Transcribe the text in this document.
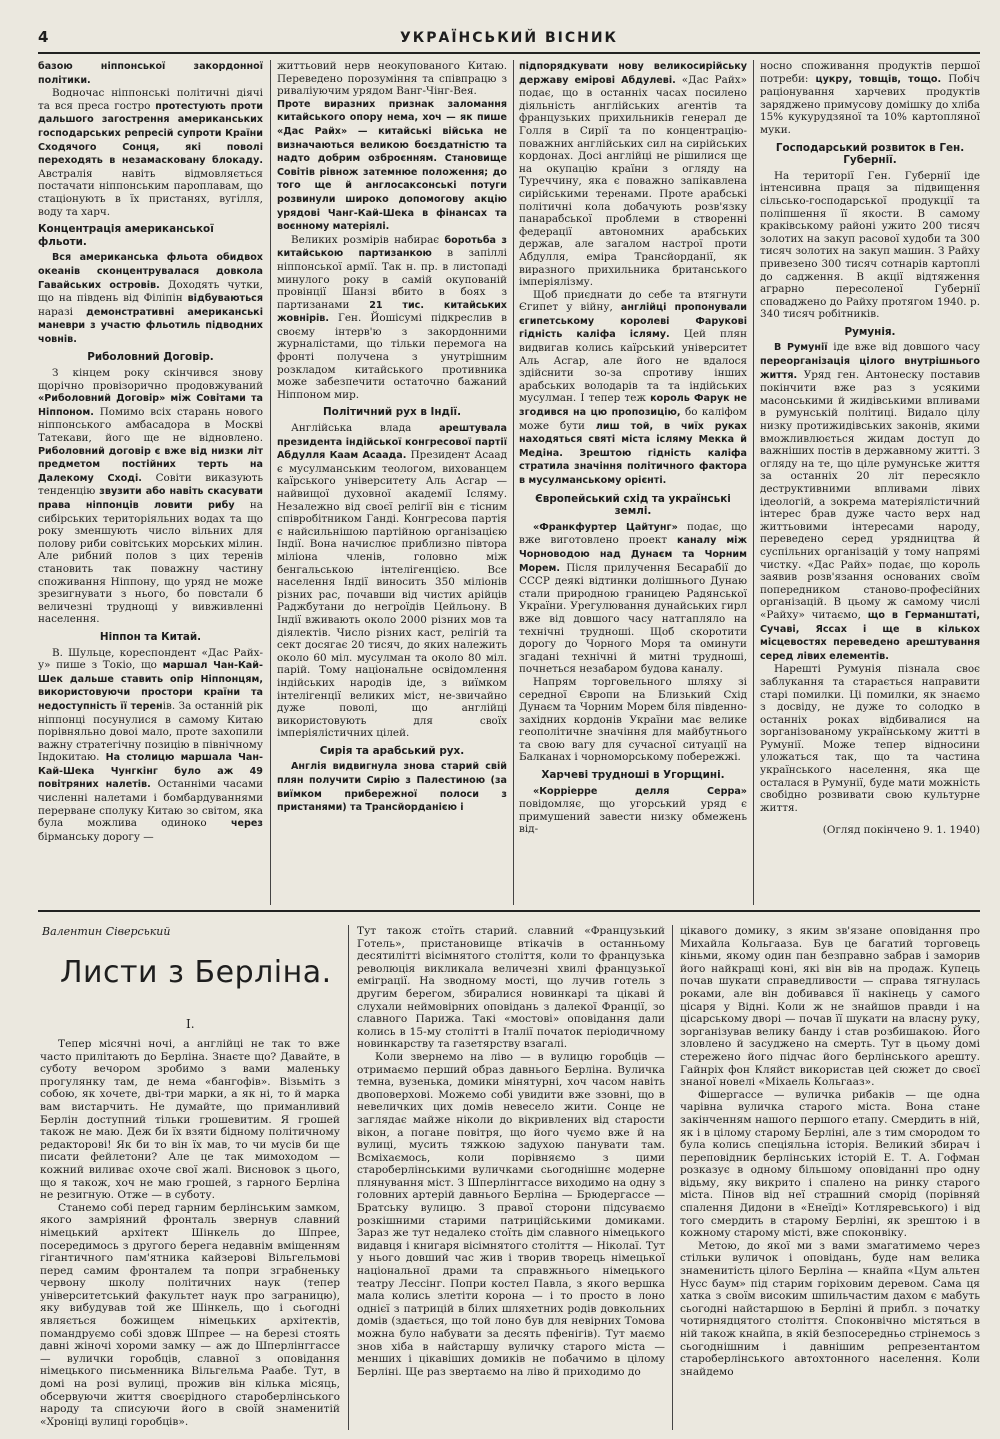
4	УКРАЇНСЬКИЙ ВІСНИК

базою ніппонської закордонної політики.

Водночас ніппонські політичні діячі та вся преса гостро протестують проти дальшого загострення американських господарських репресій супроти Країни Сходячого Сонця, які поволі переходять в незамасковану блокаду. Австралія навіть відмовляється постачати ніппонським пароплавам, що стаціонують в їх пристанях, вугілля, воду та харч.

Концентрація американської фльоти.

Вся американська фльота обидвох океанів сконцентрувалася довкола Гавайських островів. Доходять чутки, що на південь від Філіпін відбуваються наразі демонстративні американські маневри з участю фльотиль підводних човнів.

Риболовний Договір.

З кінцем року скінчився знову щорічно провізорично продовжуваний «Риболовний Договір» між Совітами та Ніппоном. Помимо всіх старань нового ніппонського амбасадора в Москві Татекави, його ще не відновлено. Риболовний договір є вже від низки літ предметом постійних терть на Далекому Сході. Совіти виказують тенденцію звузити або навіть скасувати права ніппонців ловити рибу на сибірських територіяльних водах та що року зменшують число вільних для полову риби совітських морських мілин. Але рибний полов з цих теренів становить так поважну частину споживання Ніппону, що уряд не може зрезигнувати з нього, бо повстали б величезні труднощі у вивживленні населення.

Ніппон та Китай.

В. Шульце, кореспондент «Дас Райх-у» пише з Токіо, що маршал Чан-Кай-Шек дальше ставить опір Ніппонцям, використовуючи простори країни та недоступність її теренів. За останній рік ніппонці посунулися в самому Китаю порівняльно довоі мало, проте захопили важну стратегічну позицію в північному Індокитаю. На столицю маршала Чан-Кай-Шека Чунгкінг було аж 49 повітряних налетів. Останніми часами численні налетами і бомбардуваннями перерване сполуку Китаю зо світом, яка була можлива одиноко через бірманську дорогу —

життьовий нерв неокупованого Китаю. Переведено порозуміння та співпрацю з риваліуючим урядом Ванг-Чінг-Вея.

Проте виразних признак заломання китайського опору нема, хоч — як пише «Дас Райх» — китайські війська не визначаються великою боєздатністю та надто добрим озброєнням. Становище Совітів рівнож затемнюе положення; до того ще й англосаксонські потуги розвинули широко допомогову акцію урядові Чанг-Кай-Шека в фінансах та воєнному матеріялі.

Великих розмірів набирає боротьба з китайською партизанкою в запіллі ніппонської армії. Так н. пр. в листопаді минулого року в самій окупованій провінції Шанзі вбито в боях з партизанами 21 тис. китайських жовнірів. Ген. Йошісумі підкреслив в своєму інтерв'ю з закордонними журналістами, що тільки перемога на фронті получена з унутрішним розкладом китайського противника може забезпечити остаточно бажаний Ніппоном мир.

Політичний рух в Індії.

Англійська влада арештувала президента індійської конгресової партії Абдулля Каам Асаада. Президент Асаад є мусулманським теологом, вихованцем каїрського університету Аль Асгар — найвищої духовної академії Ісляму. Незалежно від своєї релігії він є тісним співробітником Ганді. Конгресова партія є найсильнішою партійною організацією Індії. Вона начислює приблизно півтора міліона членів, головно між бенгальською інтелігенцією. Все населення Індії виносить 350 міліонів різних рас, почавши від чистих арійців Раджбутани до негроїдів Цейльону. В Індії вживають около 2000 різних мов та діялектів. Число різних каст, релігій та сект досягає 20 тисяч, до яких належить около 60 міл. мусулман та около 80 міл. парій. Тому національне освідомлення індійських народів іде, з виїмком інтелігенції великих міст, не-звичайно дуже поволі, що англійці використовують для своїх імперіялістичних цілей.

Сирія та арабський рух.

Англія видвигнула знова старий свій плян получити Сирію з Палестиною (за виїмком прибережної полоси з пристанями) та Трансйорданією і

підпорядкувати нову великосирійську державу емірові Абдулеві. «Дас Райх» подає, що в останніх часах посилено діяльність англійських агентів та французьких прихильників генерал де Голля в Сирії та по концентрацію-поважних англійських сил на сирійських кордонах. Досі англійці не рішилися ще на окупацію країни з огляду на Туреччину, яка є поважно запікавлена сирійськими теренами. Проте арабські політичні кола добачують розв'язку панарабської проблеми в створенні федерації автономних арабських держав, але загалом настрої проти Абдулля, еміра Трансйорданії, як виразного прихильника британського імперіялізму.

Щоб приєднати до себе та втягнути Єгипет у війну, англійці пропонували єгипетському королеві Фарукові гідність каліфа ісляму. Цей плян видвигав колись каїрський університет Аль Асгар, але його не вдалося здійснити зо-за спротиву інших арабських володарів та та індійських мусулман. І тепер теж король Фарук не згодився на цю пропозицію, бо каліфом може бути лиш той, в чиїх руках находяться святі міста ісляму Мекка й Медіна. Зрештою гідність каліфа стратила значіння політичного фактора в мусулманському орієнті.

Європейський схід та українські землі.

«Франкфуртер Цайтунг» подає, що вже виготовлено проект каналу між Чорноводою над Дунаєм та Чорним Морем. Після прилучення Бесарабії до СССР деякі відтинки долішнього Дунаю стали природною границею Радянської України. Урегулювання дунайських гирл вже від довшого часу натгапляло на технічні трудноші. Щоб скоротити дорогу до Чорного Моря та оминути згадані технічні й митні трудноші, почнеться незабаром будова каналу.

Напрям торговельного шляху зі середної Європи на Близький Схід Дунаєм та Чорним Морем біля південно-західних кордонів України має велике геополітичне значіння для майбутнього та свою вагу для сучасної ситуації на Балканах і чорноморському побережжі.

Харчеві трудноші в Угорщині.

«Корріерре делля Серра» повідомляє, що угорський уряд є примушений завести низку обмежень від-

носно споживання продуктів першої потреби: цукру, товщів, тощо. Побіч раціонування харчевих продуктів зарядженo примусову домішку до хліба 15% кукурудзяної та 10% картопляної муки.

Господарський розвиток в Ген. Губернії.

На території Ген. Губернії іде інтенсивна праця за підвищення сільсько-господарської продукції та поліпшення її якости. В самому краківському районі ужито 200 тисяч золотих на закуп расової худоби та 300 тисяч золотих на закуп машин. З Райху привезено 300 тисяч сотнарів картоплі до садження. В акції відтяження аграрно пересоленої Губернії споваджено до Райху протягом 1940. р. 340 тисяч робітників.

Румунія.

В Румунії іде вже від довшого часу переорганізація цілого внутрішнього життя. Уряд ген. Антонеску поставив покінчити вже раз з усякими масонськими й жидівськими впливами в румунській політиці. Видало цілу низку протижидівських законів, якими вможливлюється жидам доступ до важніших постів в державному житті. З огляду на те, що ціле румунське життя за останніх 20 літ пересякло деструктивними впливами лівих ідеологій, а зокрема матеріялістичний інтерес брав дуже часто верх над життьовими інтересами народу, переведено серед урядництва й суспільних організацій у тому напрямі чистку. «Дас Райх» подає, що король заявив розв'язання основаних своїм попередником становo-професійних організацій. В цьому ж самому числі «Райху» читаємо, що в Германштаті, Сучаві, Яссах і ще в кількох місцевостях переведено арештування серед лівих елементів.

Нарешті Румунія пізнала своє заблукання та старається направити старі помилки. Ці помилки, як знаємо з досвіду, не дуже то солодко в останніх роках відбивалися на зорганізованому українському житті в Румунії. Може тепер відносини уложаться так, що та частина українського населення, яка ще осталася в Румунії, буде мати можність свобідно розвивати свою культурне життя.

(Огляд покінчено 9. 1. 1940)

Валентин Сіверський
Листи з Берліна.
I.

Тепер місячні ночі, а англійці не так то вже часто прилітають до Берліна. Знаєте що? Давайте, в суботу вечором зробимо з вами маленьку прогулянку там, де нема «бангофів». Візьміть з собою, як хочете, дві-три марки, а як ні, то й марка вам вистарчить. Не думайте, що приманливий Берлін доступний тільки грошевитим. Я грошей також не маю. Деж би їх взяти бідному політичному редакторові! Як би то він їх мав, то чи мусів би ще писати фейлетони? Але це так мимоходом — кожний виливає охоче свої жалі. Висновок з цього, що я також, хоч не маю грошей, з гарного Берліна не резигную. Отже — в суботу.

Станемо собі перед гарним берлінським замком, якого замріяний фронталь звернув славний німецький архітект Шінкель до Шпрее, посередимось з другого берега недавнім вміщенням гігантичного пам'ятника кайзерові Вільгельмові перед самим фронталем та попри зграбненьку червону школу політичних наук (тепер університетський факультет наук про заграницю), яку вибудував той же Шінкель, що і сьогодні являється божищем німецьких архітектів, помандруємо собі здовж Шпрее — на березі стоять давні жіночі хороми замку — аж до Шперлінггассе — вулички горобців, славної з оповідання німецького письменника Вільгельма Раабе. Тут, в домі на розі вулиці, прожив він кілька місяць, обсервуючи життя своєрідного старoберлінського народу та списуючи його в своїй знаменитій «Хроніці вулиці горобців».

Тут також стоїть старий. славний «Французький Готель», пристановище втікачів в останньому десятилітті вісімнятого століття, коли то французька революція викликала величезні хвилі французької еміграції. На зводному мості, що лучив готель з другим берегом, збиралися новинкарі та цікаві й слухали неймовірних оповідань з далекої Франції, зо славного Парижа. Такі «мостові» оповідання дали колись в 15-му столітті в Італії початок періодичному новинкарству та газетярству взагалі.

Коли звернемо на ліво — в вулицю горобців — отримаємо перший образ давнього Берліна. Вуличка темна, вузенька, домики мінятурні, хоч часом навіть двоповерхові. Можемо собі увидити вже ззовні, що в невеличких цих домів невесело жити. Сонце не заглядає майже ніколи до вікривлених від старости вікон, а погане повітря, що його чуємо вже й на вулиці, мусить тяжкою задухою панувати там. Всміхаємось, коли порівняємо з цими старoберлінськими вуличками сьогоднішнє модерне плянування міст. З Шперлінггассе виходимо на одну з головних артерій давнього Берліна — Брюдергассе — Братську вулицю. З правої сторони підсуваємо розкішними старими патриційськими домиками. Зараз же тут недалеко стоїть дім славного німецького видавця і книгаря вісімнятого століття — Ніколаї. Тут у нього довший час жив і творив творець німецької національної драми та справжнього німецького театру Лессінг. Попри костел Павла, з якого вершка мала колись злетіти корона — і то просто в лоно однієї з патрицій в білих шляхетних родів довкольних домів (здається, що той лоно був для невірних Томова можна було набувати за десять пфенігів). Тут маємо знов хіба в найстаршу вуличку старого міста — менших і цікавіших домиків не побачимо в цілому Берліні. Ще раз звертаємо на ліво й приходимо до

цікавого домику, з яким зв'язане оповідання про Михайла Кольгааза. Був це багатий торговець кіньми, якому один пан безправно забрав і заморив його найкращі коні, які він вів на продаж. Купець почав шукати справедливости — справа тягнулась роками, але він добивався її накінець у самого цісаря у Відні. Коли ж не знайшов правди і на цісарському дворі — почав її шукати на власну руку, зорганізував велику банду і став розбишакою. Його зловлено й засуджено на смерть. Тут в цьому домі стережено його підчас його берлінського арешту. Гайнріх фон Кляйст використав цей сюжет до своєї знаної новелі «Міхаель Кольгаaз».

Фішергассе — вуличка рибаків — ще одна чарівна вуличка старого міста. Вона стане закінченням нашого першого етапу. Смердить в ній, як і в цілому старому Берліні, але з тим смородом то була колись спеціяльна історія. Великий збирач і переповідник берлінських історій Е. Т. А. Гофман розказує в одному більшому оповіданні про одну відьму, яку викрито і спалено на ринку старого міста. Пінов від неї страшний сморід (порівняй спалення Дидони в «Енеїді» Котляревського) і від того смердить в старому Берліні, як зрештою і в кожному старому місті, вже споконвіку.

Метою, до якої ми з вами змагатимемо через стільки вуличок і оповідань, буде нам велика знаменитість цілого Берліна — кнайпа «Цум альтен Нусс баум» під старим горіховим деревом. Сама ця хатка з своїм високим шпильчастим дахом є мабуть сьогодні найстаршою в Берліні й прибл. з початку чотирнядцятого століття. Споконвічно містяться в ній також кнайпа, в якій безпосередньо стрінемось з сьогоднішним і давнішим репрезентантом старoберлінського автохтонного населення. Коли знайдемо
